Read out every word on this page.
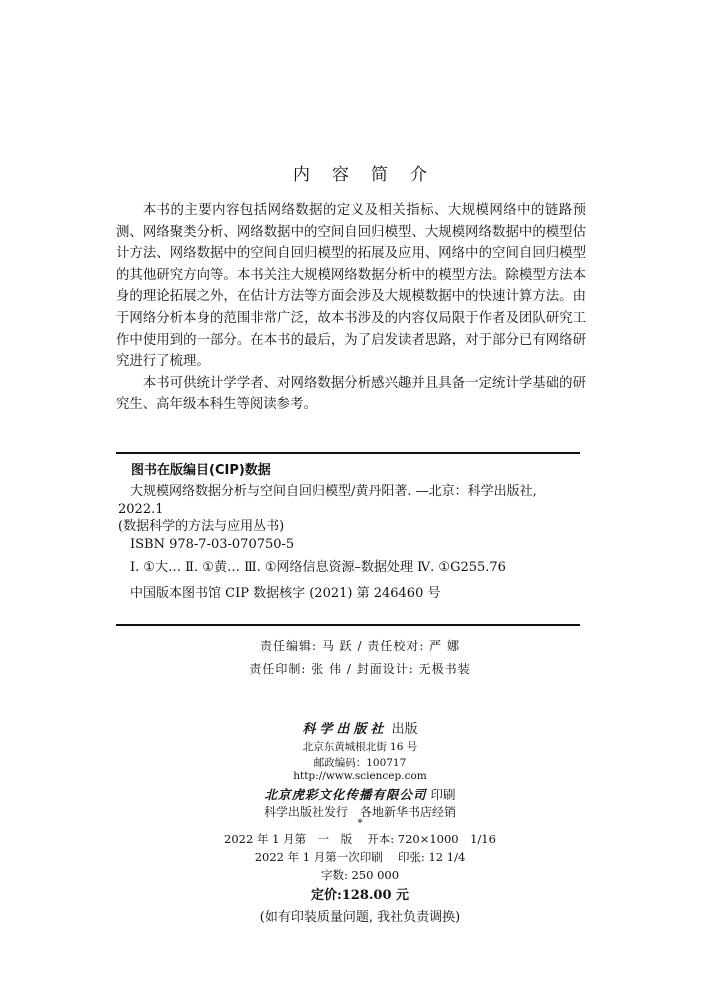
内容简介

本书的主要内容包括网络数据的定义及相关指标、大规模网络中的链路预测、网络聚类分析、网络数据中的空间自回归模型、大规模网络数据中的模型估计方法、网络数据中的空间自回归模型的拓展及应用、网络中的空间自回归模型的其他研究方向等。本书关注大规模网络数据分析中的模型方法。除模型方法本身的理论拓展之外，在估计方法等方面会涉及大规模数据中的快速计算方法。由于网络分析本身的范围非常广泛，故本书涉及的内容仅局限于作者及团队研究工作中使用到的一部分。在本书的最后，为了启发读者思路，对于部分已有网络研究进行了梳理。

本书可供统计学学者、对网络数据分析感兴趣并且具备一定统计学基础的研究生、高年级本科生等阅读参考。

图书在版编目(CIP)数据

大规模网络数据分析与空间自回归模型/黄丹阳著. —北京：科学出版社,

2022.1

(数据科学的方法与应用丛书)

ISBN 978-7-03-070750-5

Ⅰ. ①大… Ⅱ. ①黄… Ⅲ. ①网络信息资源–数据处理 Ⅳ. ①G255.76

中国版本图书馆 CIP 数据核字 (2021) 第 246460 号

责任编辑: 马 跃 / 责任校对: 严 娜
责任印制: 张 伟 / 封面设计: 无极书装
科学出版社 出版
北京东黄城根北街 16 号
邮政编码：100717
http://www.sciencep.com
北京虎彩文化传播有限公司 印刷
科学出版社发行　各地新华书店经销
*
2022 年 1 月第　一　版　 开本: 720×1000　1/16
2022 年 1 月第一次印刷　 印张: 12 1/4
字数: 250 000
定价:128.00 元
(如有印装质量问题, 我社负责调换)
